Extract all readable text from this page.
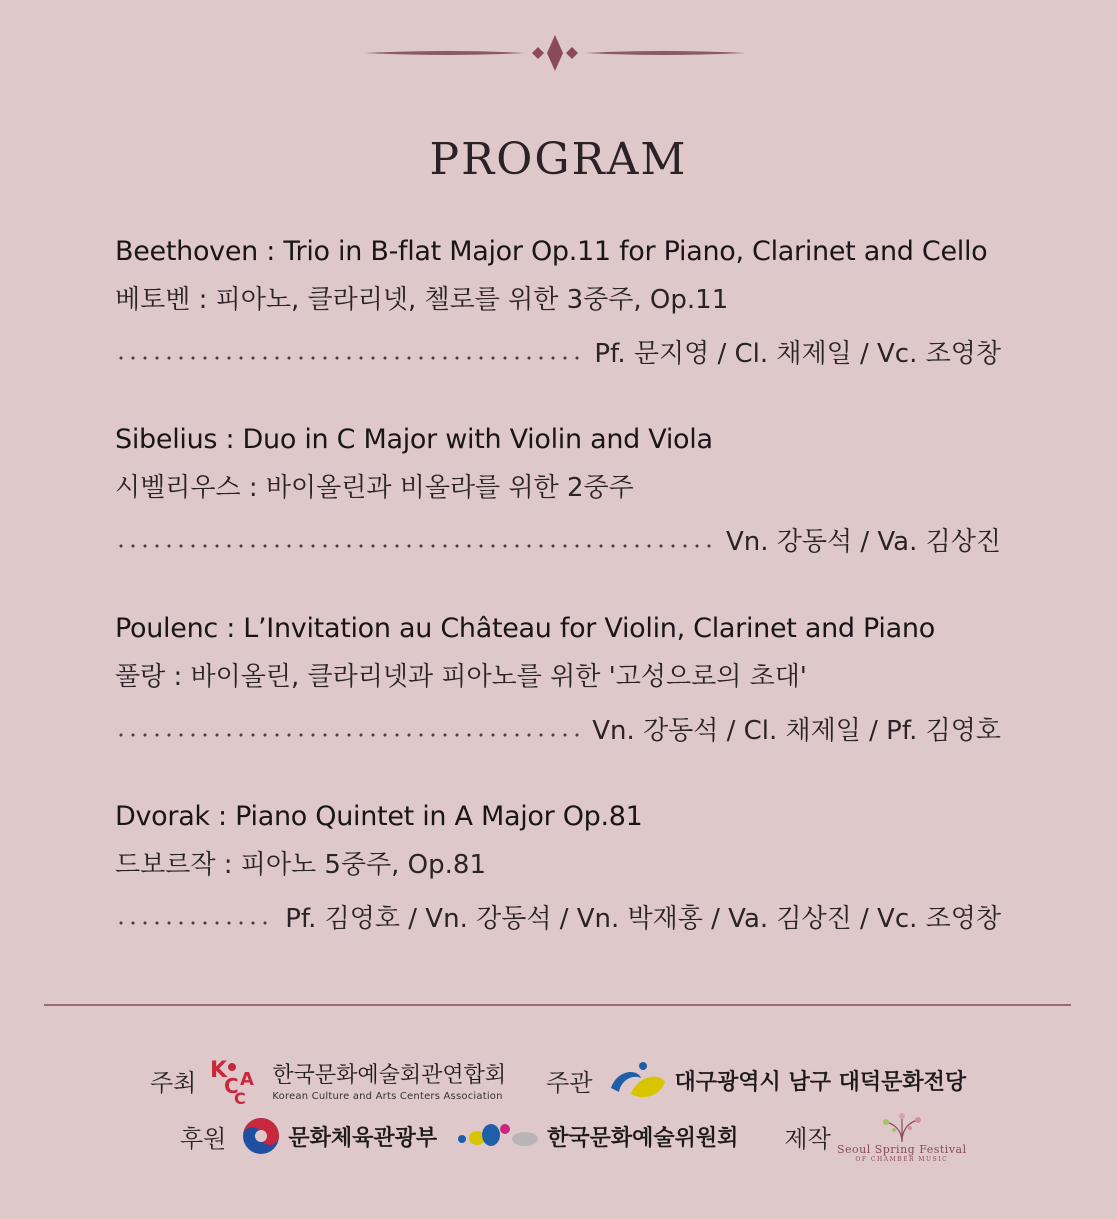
PROGRAM
Beethoven : Trio in B-flat Major Op.11 for Piano, Clarinet and Cello
베토벤 : 피아노, 클라리넷, 첼로를 위한 3중주, Op.11
Pf. 문지영 / Cl. 채제일 / Vc. 조영창
Sibelius : Duo in C Major with Violin and Viola
시벨리우스 : 바이올린과 비올라를 위한 2중주
Vn. 강동석 / Va. 김상진
Poulenc : L’Invitation au Château for Violin, Clarinet and Piano
풀랑 : 바이올린, 클라리넷과 피아노를 위한 '고성으로의 초대'
Vn. 강동석 / Cl. 채제일 / Pf. 김영호
Dvorak : Piano Quintet in A Major Op.81
드보르작 : 피아노 5중주, Op.81
Pf. 김영호 / Vn. 강동석 / Vn. 박재홍 / Va. 김상진 / Vc. 조영창
주최 K
C A
C
한국문화예술회관연합회
Korean Culture and Arts Centers Association 주관	대구광역시 남구 대덕문화전당
후원	문화체육관광부	한국문화예술위원회 제작 Seoul Spring Festival
OF CHAMBER MUSIC
